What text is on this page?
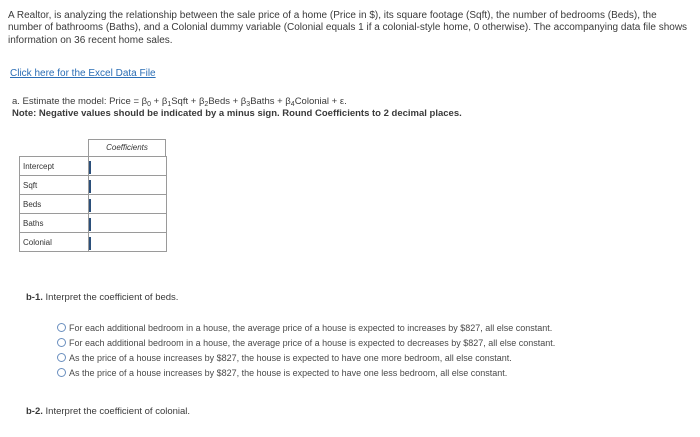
A Realtor, is analyzing the relationship between the sale price of a home (Price in $), its square footage (Sqft), the number of bedrooms (Beds), the number of bathrooms (Baths), and a Colonial dummy variable (Colonial equals 1 if a colonial-style home, 0 otherwise). The accompanying data file shows information on 36 recent home sales.

Click here for the Excel Data File
a. Estimate the model: Price = $\beta_0$ + $\beta_1Sqft$ + $\beta_2Beds$ + $\beta_3Baths$ + $\beta_4Colonial + \varepsilon$.
Note: Negative values should be indicated by a minus sign. Round Coefficients to 2 decimal places.
Coefficients
Intercept	
Sqft	
Beds	
Baths	
Colonial	
b-1. Interpret the coefficient of beds.
For each additional bedroom in a house, the average price of a house is expected to increases by $827, all else constant.
For each additional bedroom in a house, the average price of a house is expected to decreases by $827, all else constant.
As the price of a house increases by $827, the house is expected to have one more bedroom, all else constant.
As the price of a house increases by $827, the house is expected to have one less bedroom, all else constant.
b-2. Interpret the coefficient of colonial.
